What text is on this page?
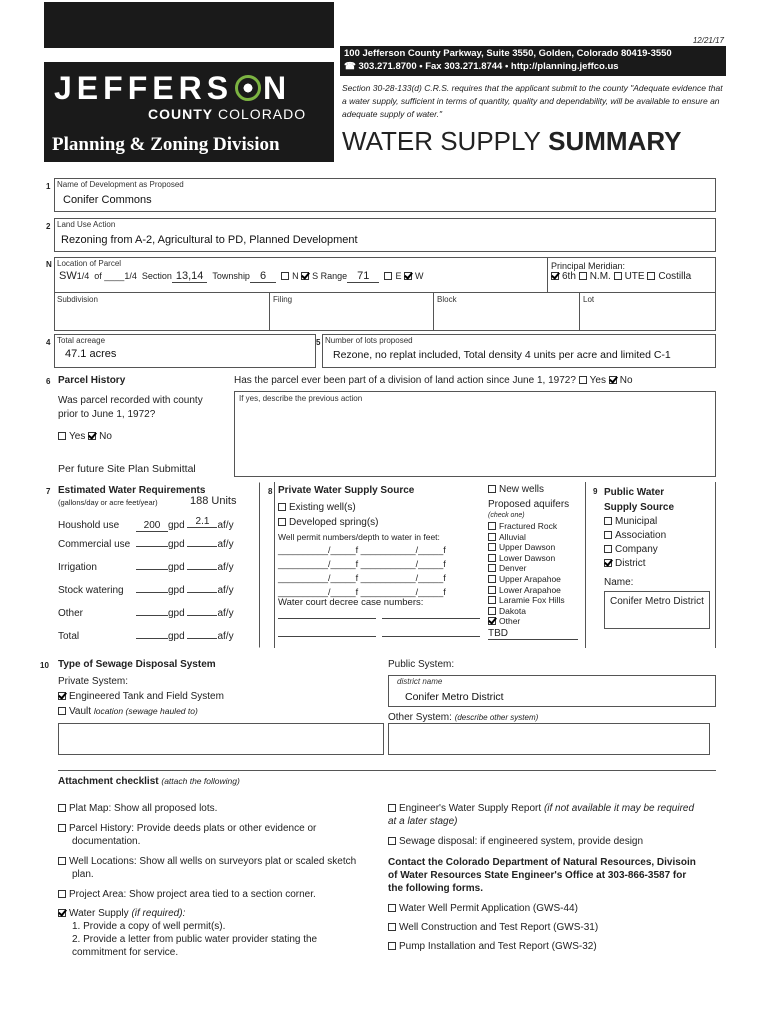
JEFFERS N
COUNTY COLORADO
Planning & Zoning Division
12/21/17
100 Jefferson County Parkway, Suite 3550, Golden, Colorado 80419-3550
☎ 303.271.8700 • Fax 303.271.8744 • http://planning.jeffco.us
Section 30-28-133(d) C.R.S. requires that the applicant submit to the county "Adequate evidence that a water supply, sufficient in terms of quantity, quality and dependability, will be available to ensure an adequate supply of water."
WATER SUPPLY SUMMARY
1 Name of Development as Proposed
Conifer Commons
2 Land Use Action
Rezoning from A-2, Agricultural to PD, Planned Development
N Location of Parcel
SW1/4 of ____1/4 Section 13,14 Township 6	N S Range 71	E W
Principal Meridian:
6th N.M. UTE Costilla
Subdivision	Filing	Block	Lot
4 Total acreage
47.1 acres
5 Number of lots proposed
Rezone, no replat included, Total density 4 units per acre and limited C-1
6 Parcel History	Has the parcel ever been part of a division of land action since June 1, 1972? Yes No
Was parcel recorded with county
prior to June 1, 1972?
Yes No
Per future Site Plan Submittal
If yes, describe the previous action
7 Estimated Water Requirements
(gallons/day or acre feet/year)	188 Units
Houshold use 200 gpd 2.1 af/y
Commercial use	gpd	af/y
Irrigation	gpd	af/y
Stock watering	gpd	af/y
Other	gpd	af/y
Total	gpd	af/y
8 Private Water Supply Source
Existing well(s)
Developed spring(s)
Well permit numbers/depth to water in feet:
__________/_____f ___________/_____f
__________/_____f ___________/_____f
__________/_____f ___________/_____f
__________/_____f ___________/_____f
Water court decree case numbers:
New wells
Proposed aquifers
(check one)
Fractured Rock
Alluvial
Upper Dawson
Lower Dawson
Denver
Upper Arapahoe
Lower Arapahoe
Laramie Fox Hills
Dakota
Other
TBD
9 Public Water
Supply Source
Municipal
Association
Company
District
Name:
Conifer Metro District
10 Type of Sewage Disposal System
Private System:
Engineered Tank and Field System
Vault location (sewage hauled to)
Public System:
district name
Conifer Metro District
Other System: (describe other system)
Attachment checklist (attach the following)
Plat Map: Show all proposed lots.
Parcel History: Provide deeds plats or other evidence or documentation.
Well Locations: Show all wells on surveyors plat or scaled sketch plan.
Project Area: Show project area tied to a section corner.
Water Supply (if required):
1. Provide a copy of well permit(s).
2. Provide a letter from public water provider stating the commitment for service.
Engineer's Water Supply Report (if not available it may be required at a later stage)
Sewage disposal: if engineered system, provide design
Contact the Colorado Department of Natural Resources, Divisoin of Water Resources State Engineer's Office at 303-866-3587 for the following forms.
Water Well Permit Application (GWS-44)
Well Construction and Test Report (GWS-31)
Pump Installation and Test Report (GWS-32)
